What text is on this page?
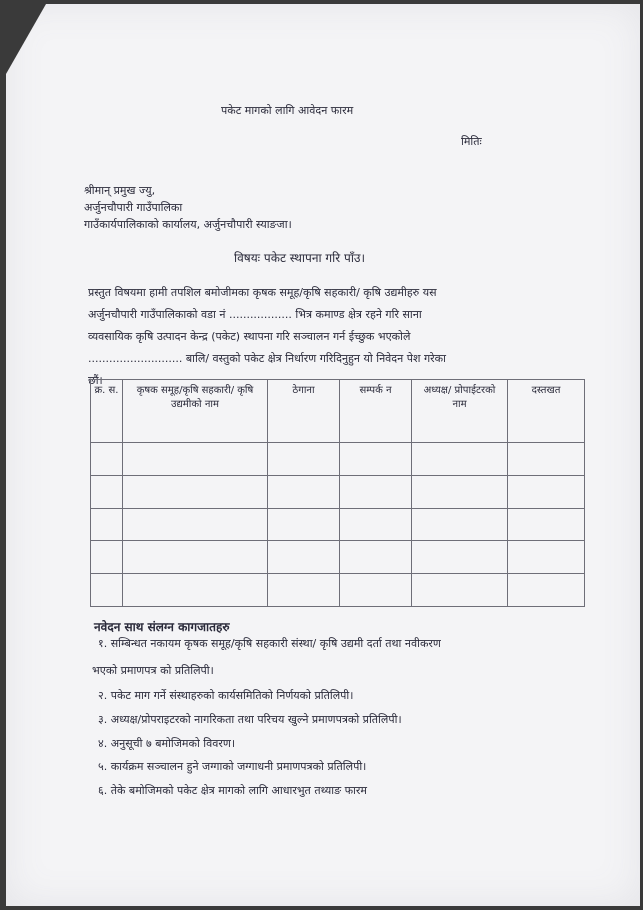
पकेट मागको लागि आवेदन फारम
मितिः
श्रीमान् प्रमुख ज्यु,
अर्जुनचौपारी गाउँपालिका
गाउँकार्यपालिकाको कार्यालय, अर्जुनचौपारी स्याङजा।
विषयः पकेट स्थापना गरि पाँउ।
प्रस्तुत विषयमा हामी तपशिल बमोजीमका कृषक समूह/कृषि सहकारी/ कृषि उद्यमीहरु यस
अर्जुनचौपारी गाउँपालिकाको वडा नं .................. भित्र कमाण्ड क्षेत्र रहने गरि साना
व्यवसायिक कृषि उत्पादन केन्द्र (पकेट) स्थापना गरि सञ्चालन गर्न ईच्छुक भएकोले
........................... बालि/ वस्तुको पकेट क्षेत्र निर्धारण गरिदिनुहुन यो निवेदन पेश गरेका
छौं।
क्र. स.	कृषक समूह/कृषि सहकारी/ कृषि उद्यमीको नाम	ठेगाना	सम्पर्क न	अध्यक्ष/ प्रोपाईटरको नाम	दस्तखत

नवेदन साथ संलग्न कागजातहरु
१. सम्बिन्धत नकायम कृषक समूह/कृषि सहकारी संस्था/ कृषि उद्यमी दर्ता तथा नवीकरण
भएको प्रमाणपत्र को प्रतिलिपी।
२. पकेट माग गर्ने संस्थाहरुको कार्यसमितिको निर्णयको प्रतिलिपी।
३. अध्यक्ष/प्रोपराइटरको नागरिकता तथा परिचय खुल्ने प्रमाणपत्रको प्रतिलिपी।
४. अनुसूची ७ बमोजिमको विवरण।
५. कार्यक्रम सञ्चालन हुने जग्गाको जग्गाधनी प्रमाणपत्रको प्रतिलिपी।
६. तेके बमोजिमको पकेट क्षेत्र मागको लागि आधारभुत तथ्याङ फारम
